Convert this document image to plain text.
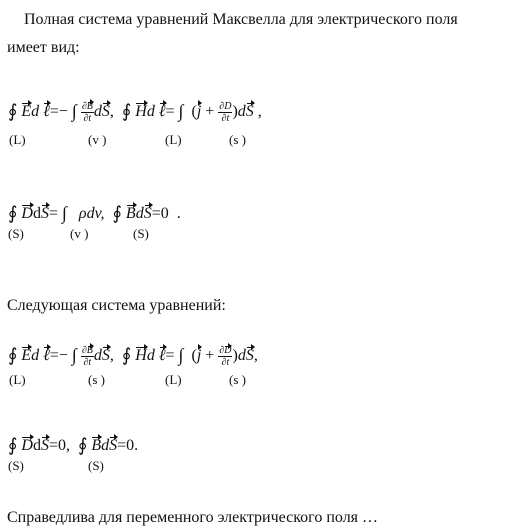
Полная система уравнений Максвелла для электрического поля
имеет вид:
∮ Ed ℓ=− ∫ $\frac{\partial B}{\partial t}$ dS,  ∮ Hd ℓ= ∫  $(j + \frac{\partial D}{\partial t} )dS$ ,
(L)	(v )	(L)	(s )
∮ DdS= ∫ ρdv, ∮ BdS=0  .
(S)	(v )	(S)
Следующая система уравнений:
∮ Ed ℓ=− ∫ $\frac{\partial B}{\partial t}$ dS,  ∮ Hd ℓ= ∫  $(j + \frac{\partial D}{\partial t} )dS$,
(L)	(s )	(L)	(s )
∮ DdS=0,  ∮ BdS=0.
(S)	(S)
Справедлива для переменного электрического поля …
